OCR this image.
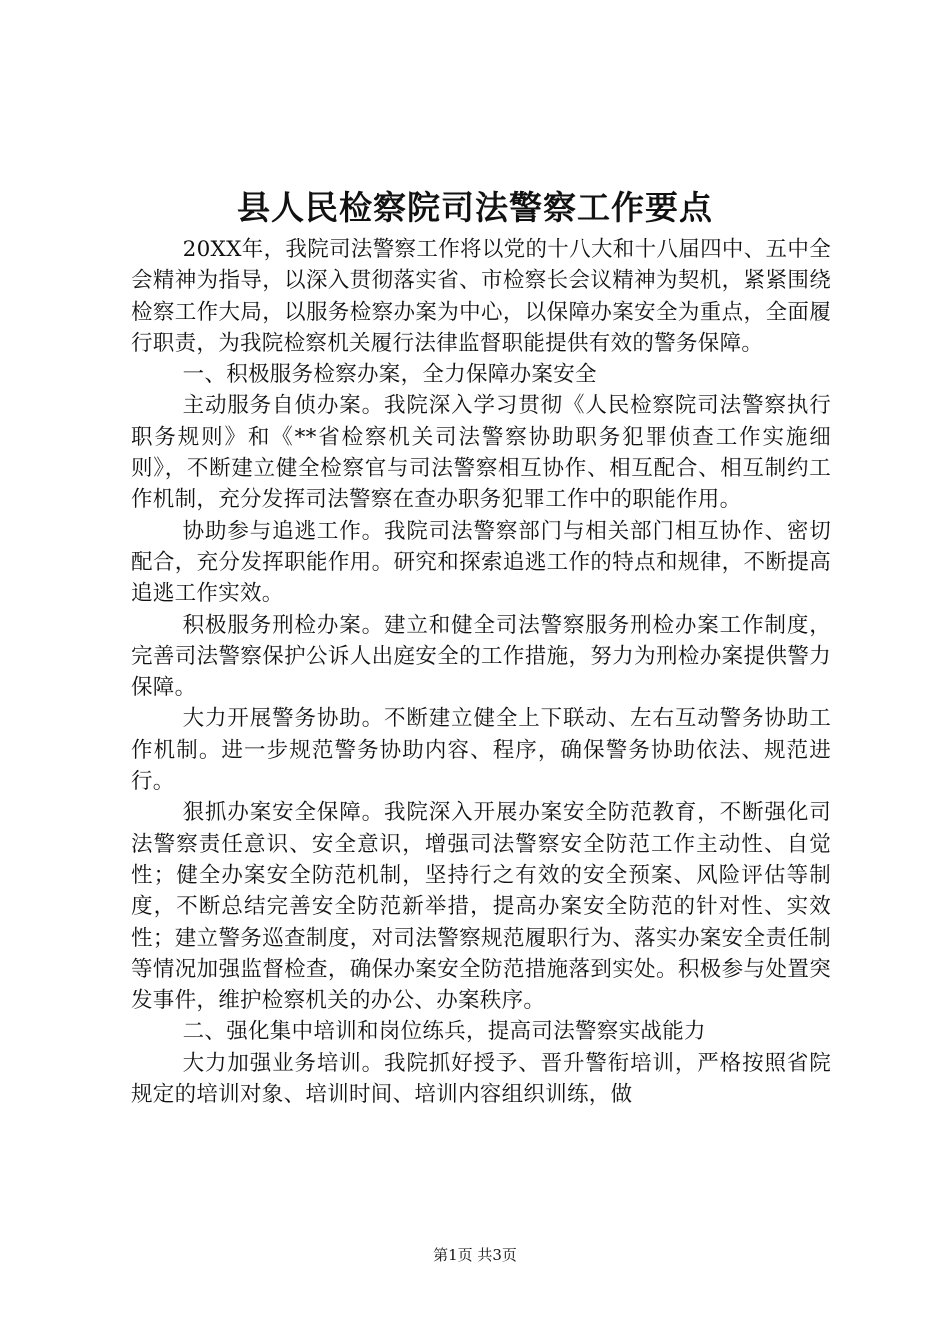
县人民检察院司法警察工作要点

20XX年，我院司法警察工作将以党的十八大和十八届四中、五中全会精神为指导，以深入贯彻落实省、市检察长会议精神为契机，紧紧围绕检察工作大局，以服务检察办案为中心，以保障办案安全为重点，全面履行职责，为我院检察机关履行法律监督职能提供有效的警务保障。

一、积极服务检察办案，全力保障办案安全

主动服务自侦办案。我院深入学习贯彻《人民检察院司法警察执行职务规则》和《**省检察机关司法警察协助职务犯罪侦查工作实施细则》，不断建立健全检察官与司法警察相互协作、相互配合、相互制约工作机制，充分发挥司法警察在查办职务犯罪工作中的职能作用。

协助参与追逃工作。我院司法警察部门与相关部门相互协作、密切配合，充分发挥职能作用。研究和探索追逃工作的特点和规律，不断提高追逃工作实效。

积极服务刑检办案。建立和健全司法警察服务刑检办案工作制度，完善司法警察保护公诉人出庭安全的工作措施，努力为刑检办案提供警力保障。

大力开展警务协助。不断建立健全上下联动、左右互动警务协助工作机制。进一步规范警务协助内容、程序，确保警务协助依法、规范进行。

狠抓办案安全保障。我院深入开展办案安全防范教育，不断强化司法警察责任意识、安全意识，增强司法警察安全防范工作主动性、自觉性；健全办案安全防范机制，坚持行之有效的安全预案、风险评估等制度，不断总结完善安全防范新举措，提高办案安全防范的针对性、实效性；建立警务巡查制度，对司法警察规范履职行为、落实办案安全责任制等情况加强监督检查，确保办案安全防范措施落到实处。积极参与处置突发事件，维护检察机关的办公、办案秩序。

二、强化集中培训和岗位练兵，提高司法警察实战能力

大力加强业务培训。我院抓好授予、晋升警衔培训，严格按照省院规定的培训对象、培训时间、培训内容组织训练，做

第1页 共3页
